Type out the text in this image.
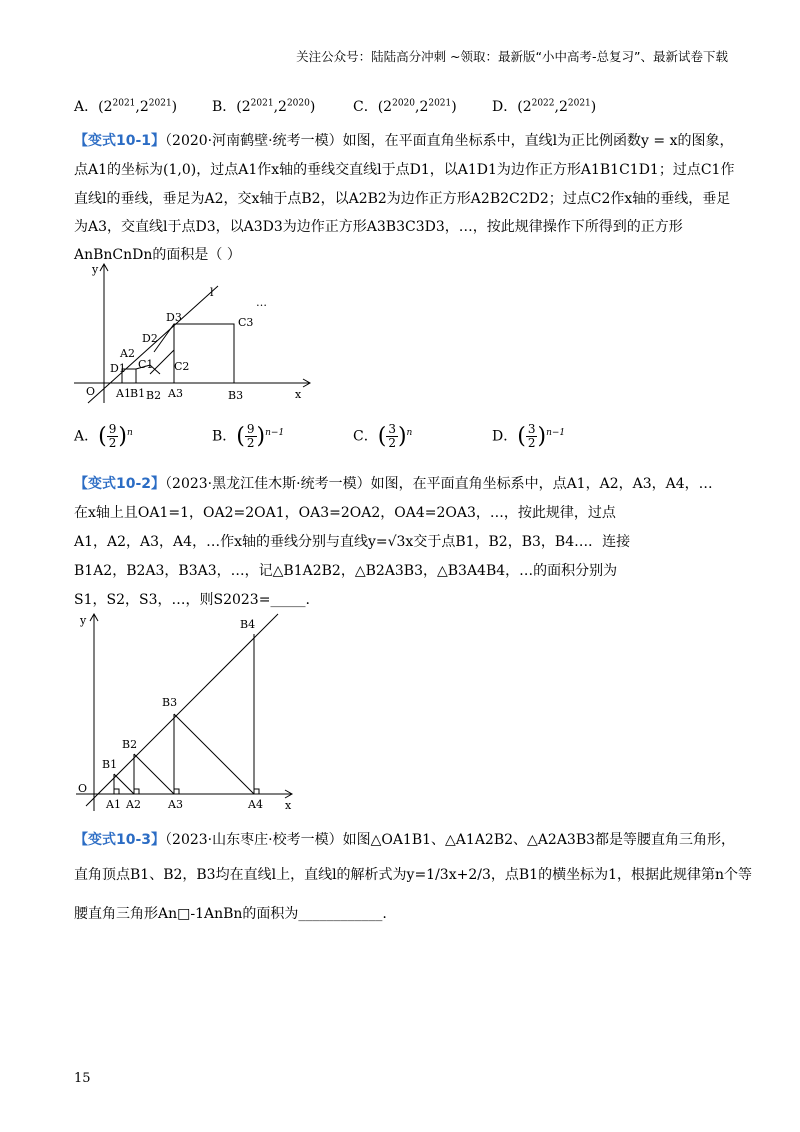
关注公众号：陆陆高分冲刺 ~领取：最新版“小中高考-总复习”、最新试卷下载
A．$(2^{2021},2^{2021})$ B．$(2^{2021},2^{2020})$	C．$(2^{2020},2^{2021})$	D．$(2^{2022},2^{2021})$
【变式10-1】（2020·河南鹤壁·统考一模）如图，在平面直角坐标系中，直线l为正比例函数y = x的图象，
点A1的坐标为(1,0)，过点A1作x轴的垂线交直线l于点D1，以A1D1为边作正方形A1B1C1D1；过点C1作
直线l的垂线，垂足为A2，交x轴于点B2，以A2B2为边作正方形A2B2C2D2；过点C2作x轴的垂线，垂足
为A3，交直线l于点D3，以A3D3为边作正方形A3B3C3D3，…，按此规律操作下所得到的正方形
AnBnCnDn的面积是（ ）
y
x
O
l
D3	C3
D2
A2
C1
D1	C2
A1 B1 B2 A3	B3
…
A．( $\frac{9}{2} )^n$	B．( $\frac{9}{2} )^{n-1}$	C．( $\frac{3}{2} )^n$	D．( $\frac{3}{2} )^{n-1}$
【变式10-2】（2023·黑龙江佳木斯·统考一模）如图，在平面直角坐标系中，点A1，A2，A3，A4，…
在x轴上且OA1=1，OA2=2OA1，OA3=2OA2，OA4=2OA3，…，按此规律，过点
A1，A2，A3，A4，…作x轴的垂线分别与直线y=√3x交于点B1，B2，B3，B4…．连接
B1A2，B2A3，B3A3，…，记△B1A2B2，△B2A3B3，△B3A4B4，…的面积分别为
S1，S2，S3，…，则S2023=_____.
y
x
O
B4
B3
B2
B1
A1 A2 A3	A4
【变式10-3】（2023·山东枣庄·校考一模）如图△OA1B1、△A1A2B2、△A2A3B3都是等腰直角三角形，
直角顶点B1、B2，B3均在直线l上，直线l的解析式为y=1/3x+2/3，点B1的横坐标为1，根据此规律第n个等
腰直角三角形An□-1AnBn的面积为____________.
15
